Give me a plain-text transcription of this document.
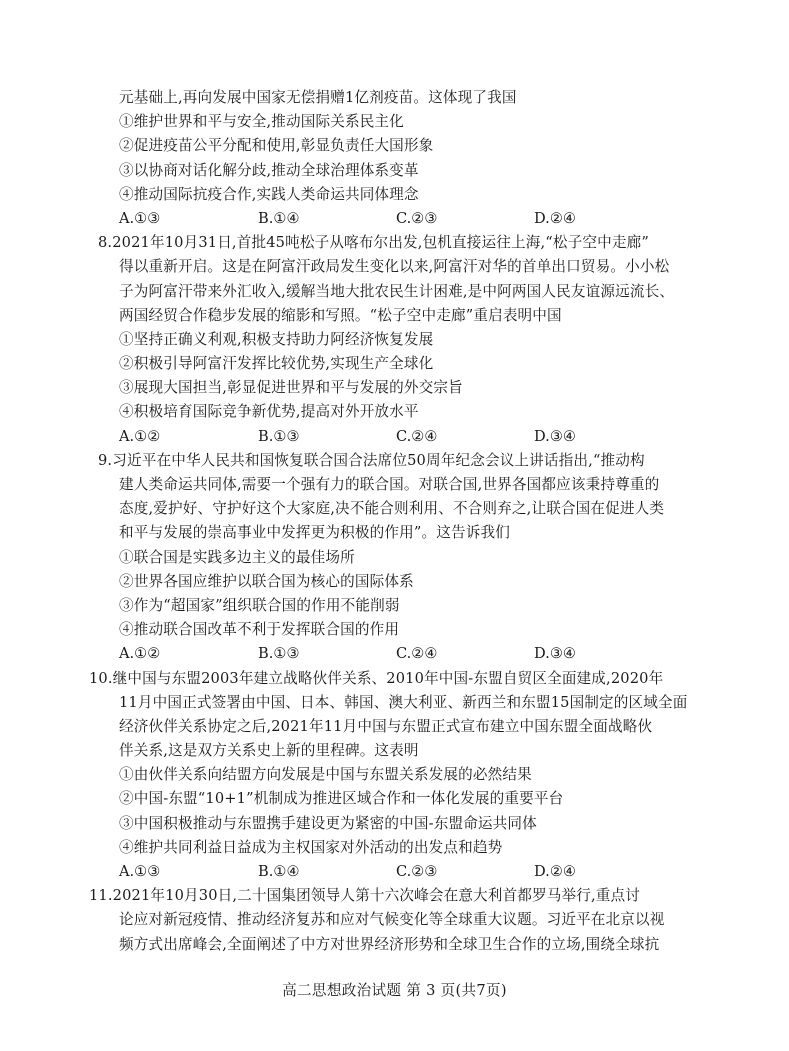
元基础上,再向发展中国家无偿捐赠1亿剂疫苗。这体现了我国
①维护世界和平与安全,推动国际关系民主化
②促进疫苗公平分配和使用,彰显负责任大国形象
③以协商对话化解分歧,推动全球治理体系变革
④推动国际抗疫合作,实践人类命运共同体理念
A.①③	B.①④	C.②③	D.②④
8.2021年10月31日,首批45吨松子从喀布尔出发,包机直接运往上海,“松子空中走廊”
得以重新开启。这是在阿富汗政局发生变化以来,阿富汗对华的首单出口贸易。小小松
子为阿富汗带来外汇收入,缓解当地大批农民生计困难,是中阿两国人民友谊源远流长、
两国经贸合作稳步发展的缩影和写照。“松子空中走廊”重启表明中国
①坚持正确义利观,积极支持助力阿经济恢复发展
②积极引导阿富汗发挥比较优势,实现生产全球化
③展现大国担当,彰显促进世界和平与发展的外交宗旨
④积极培育国际竞争新优势,提高对外开放水平
A.①②	B.①③	C.②④	D.③④
9.习近平在中华人民共和国恢复联合国合法席位50周年纪念会议上讲话指出,“推动构
建人类命运共同体,需要一个强有力的联合国。对联合国,世界各国都应该秉持尊重的
态度,爱护好、守护好这个大家庭,决不能合则利用、不合则弃之,让联合国在促进人类
和平与发展的崇高事业中发挥更为积极的作用”。这告诉我们
①联合国是实践多边主义的最佳场所
②世界各国应维护以联合国为核心的国际体系
③作为“超国家”组织联合国的作用不能削弱
④推动联合国改革不利于发挥联合国的作用
A.①②	B.①③	C.②④	D.③④
10.继中国与东盟2003年建立战略伙伴关系、2010年中国-东盟自贸区全面建成,2020年
11月中国正式签署由中国、日本、韩国、澳大利亚、新西兰和东盟15国制定的区域全面
经济伙伴关系协定之后,2021年11月中国与东盟正式宣布建立中国东盟全面战略伙
伴关系,这是双方关系史上新的里程碑。这表明
①由伙伴关系向结盟方向发展是中国与东盟关系发展的必然结果
②中国-东盟“10+1”机制成为推进区域合作和一体化发展的重要平台
③中国积极推动与东盟携手建设更为紧密的中国-东盟命运共同体
④维护共同利益日益成为主权国家对外活动的出发点和趋势
A.①③	B.①④	C.②③	D.②④
11.2021年10月30日,二十国集团领导人第十六次峰会在意大利首都罗马举行,重点讨
论应对新冠疫情、推动经济复苏和应对气候变化等全球重大议题。习近平在北京以视
频方式出席峰会,全面阐述了中方对世界经济形势和全球卫生合作的立场,围绕全球抗
高二思想政治试题 第 3 页(共7页)
